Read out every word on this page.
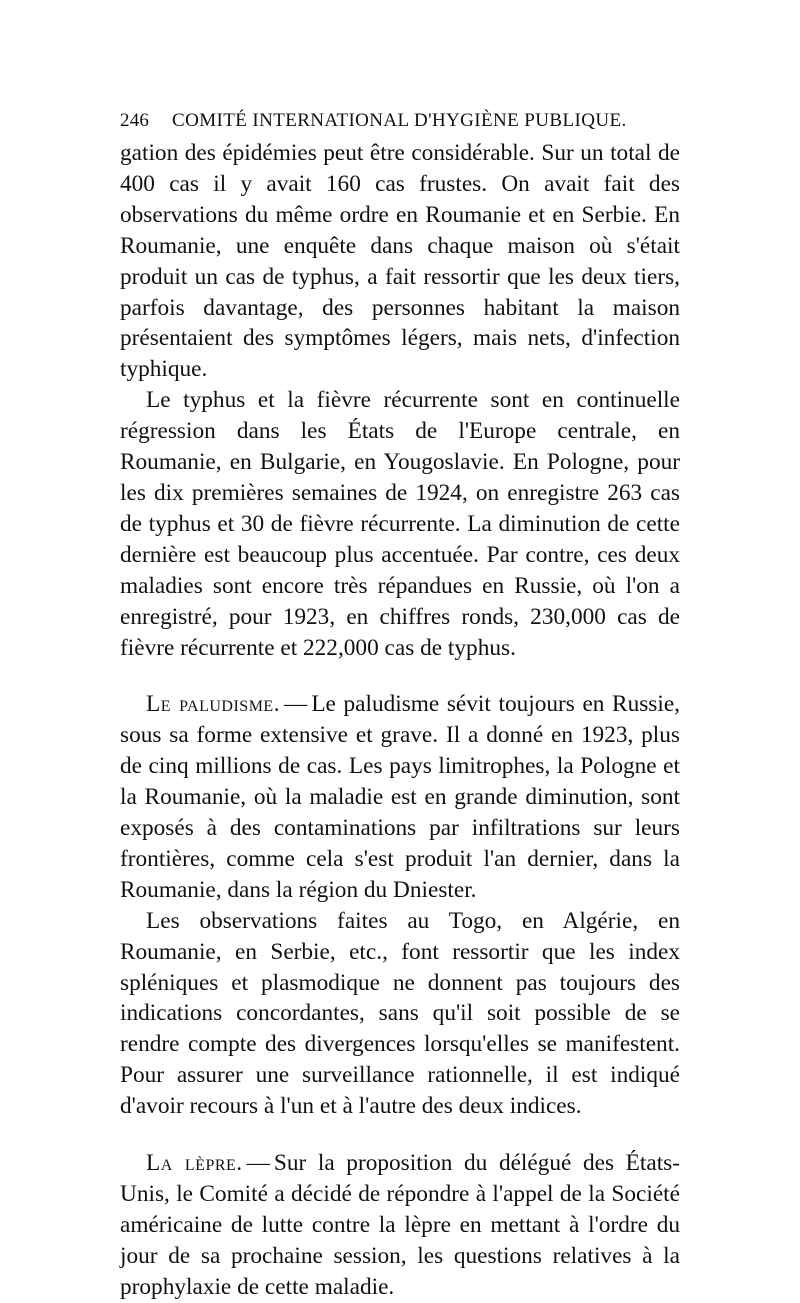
246	COMITÉ INTERNATIONAL D'HYGIÈNE PUBLIQUE.

gation des épidémies peut être considérable. Sur un total de 400 cas il y avait 160 cas frustes. On avait fait des observations du même ordre en Roumanie et en Serbie. En Roumanie, une enquête dans chaque maison où s'était produit un cas de typhus, a fait ressortir que les deux tiers, parfois davantage, des personnes habitant la maison présentaient des symptômes légers, mais nets, d'infection typhique.

Le typhus et la fièvre récurrente sont en continuelle régression dans les États de l'Europe centrale, en Roumanie, en Bulgarie, en Yougoslavie. En Pologne, pour les dix premières semaines de 1924, on enregistre 263 cas de typhus et 30 de fièvre récurrente. La diminution de cette dernière est beaucoup plus accentuée. Par contre, ces deux maladies sont encore très répandues en Russie, où l'on a enregistré, pour 1923, en chiffres ronds, 230,000 cas de fièvre récurrente et 222,000 cas de typhus.

Le paludisme. — Le paludisme sévit toujours en Russie, sous sa forme extensive et grave. Il a donné en 1923, plus de cinq millions de cas. Les pays limitrophes, la Pologne et la Roumanie, où la maladie est en grande diminution, sont exposés à des contaminations par infiltrations sur leurs frontières, comme cela s'est produit l'an dernier, dans la Roumanie, dans la région du Dniester.

Les observations faites au Togo, en Algérie, en Roumanie, en Serbie, etc., font ressortir que les index spléniques et plasmodique ne donnent pas toujours des indications concordantes, sans qu'il soit possible de se rendre compte des divergences lorsqu'elles se manifestent. Pour assurer une surveillance rationnelle, il est indiqué d'avoir recours à l'un et à l'autre des deux indices.

La lèpre. — Sur la proposition du délégué des États-Unis, le Comité a décidé de répondre à l'appel de la Société américaine de lutte contre la lèpre en mettant à l'ordre du jour de sa prochaine session, les questions relatives à la prophylaxie de cette maladie.
